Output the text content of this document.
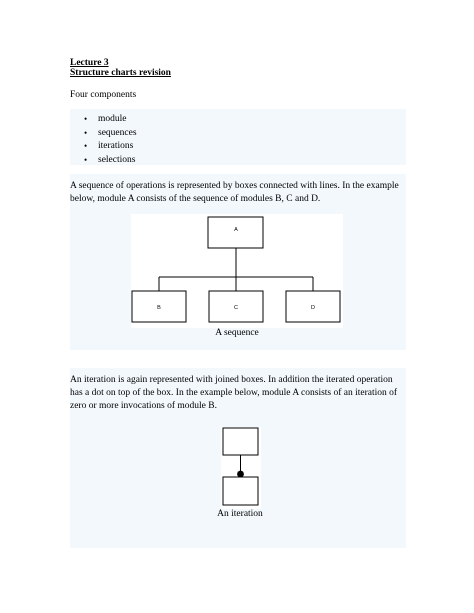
Lecture 3

Structure charts revision

Four components

• module
• sequences
• iterations
• selections

A sequence of operations is represented by boxes connected with lines. In the example below, module A consists of the sequence of modules B, C and D.

A
B	C	D
A sequence

An iteration is again represented with joined boxes. In addition the iterated operation has a dot on top of the box. In the example below, module A consists of an iteration of zero or more invocations of module B.

An iteration
